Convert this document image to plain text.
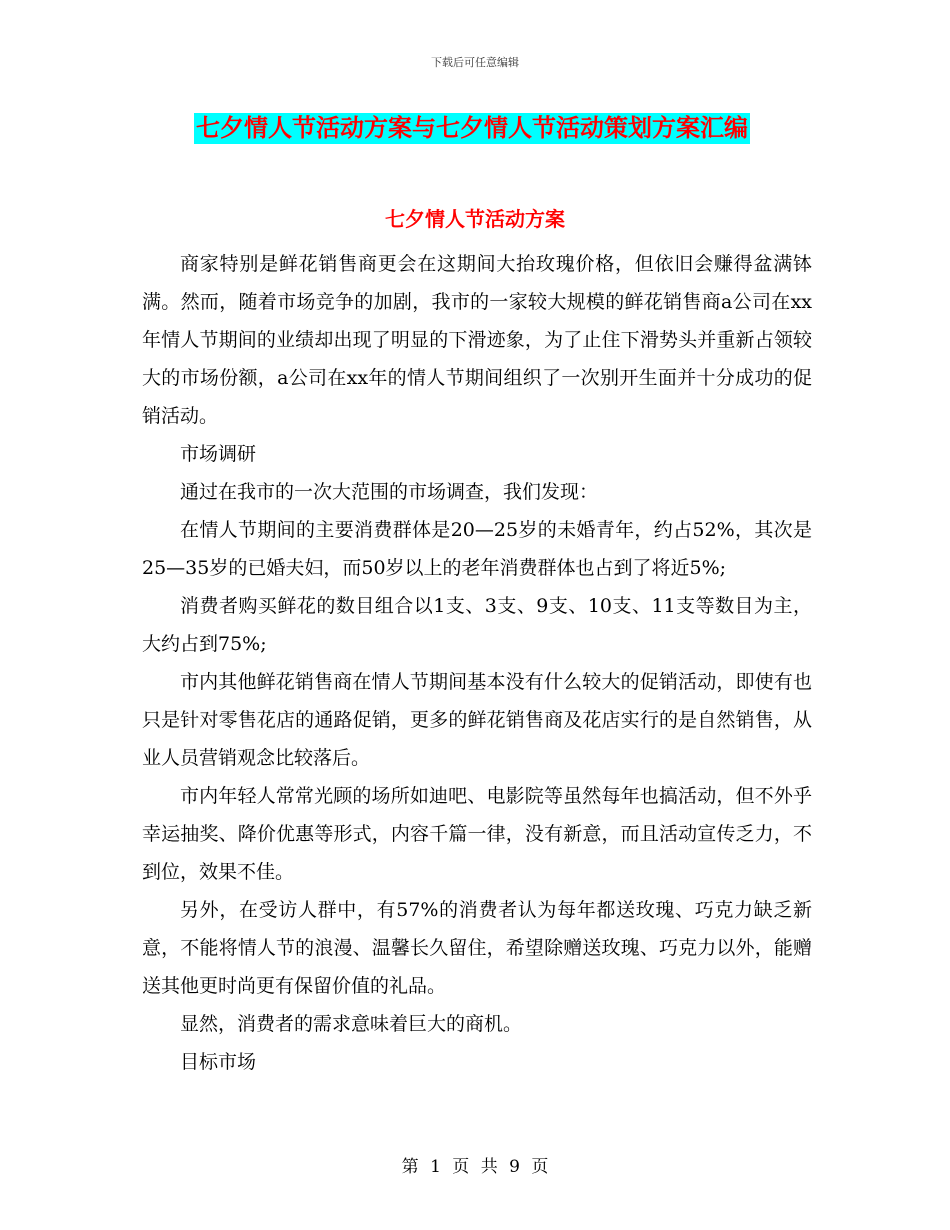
下载后可任意编辑
七夕情人节活动方案与七夕情人节活动策划方案汇编
七夕情人节活动方案

商家特别是鲜花销售商更会在这期间大抬玫瑰价格，但依旧会赚得盆满钵满。然而，随着市场竞争的加剧，我市的一家较大规模的鲜花销售商a公司在xx年情人节期间的业绩却出现了明显的下滑迹象，为了止住下滑势头并重新占领较大的市场份额，a公司在xx年的情人节期间组织了一次别开生面并十分成功的促销活动。

市场调研

通过在我市的一次大范围的市场调查，我们发现：

在情人节期间的主要消费群体是20—25岁的未婚青年，约占52%，其次是25—35岁的已婚夫妇，而50岁以上的老年消费群体也占到了将近5%;

消费者购买鲜花的数目组合以1支、3支、9支、10支、11支等数目为主，大约占到75%;

市内其他鲜花销售商在情人节期间基本没有什么较大的促销活动，即使有也只是针对零售花店的通路促销，更多的鲜花销售商及花店实行的是自然销售，从业人员营销观念比较落后。

市内年轻人常常光顾的场所如迪吧、电影院等虽然每年也搞活动，但不外乎幸运抽奖、降价优惠等形式，内容千篇一律，没有新意，而且活动宣传乏力，不到位，效果不佳。

另外，在受访人群中，有57%的消费者认为每年都送玫瑰、巧克力缺乏新意，不能将情人节的浪漫、温馨长久留住，希望除赠送玫瑰、巧克力以外，能赠送其他更时尚更有保留价值的礼品。

显然，消费者的需求意味着巨大的商机。

目标市场

第 1 页 共 9 页
